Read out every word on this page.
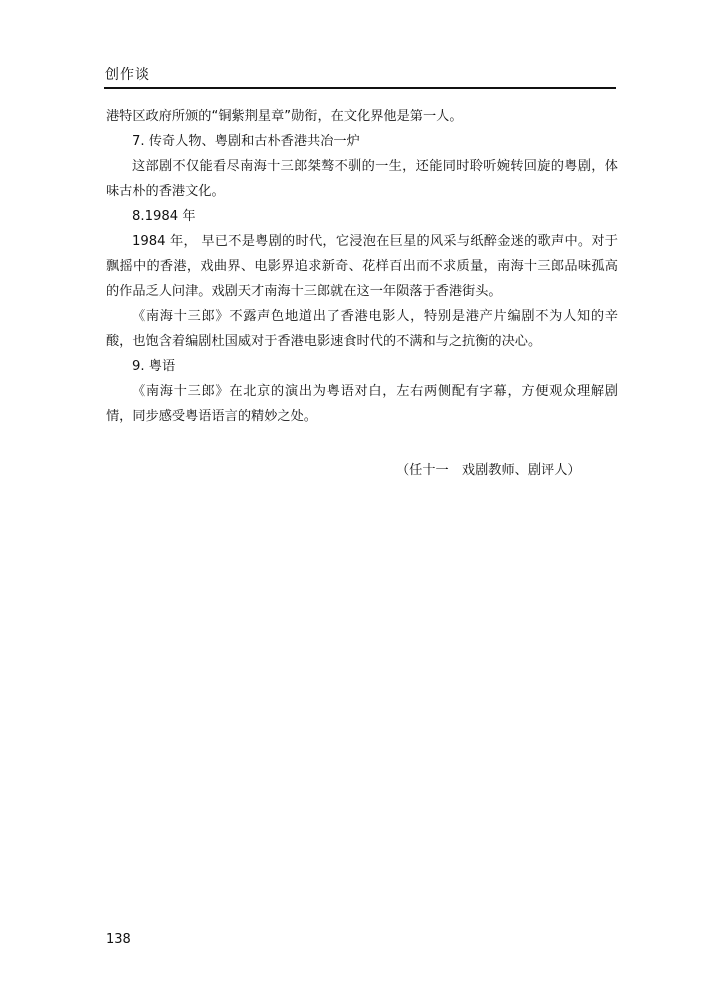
创作谈

港特区政府所颁的“铜紫荆星章”勋衔，在文化界他是第一人。

7. 传奇人物、粤剧和古朴香港共冶一炉

这部剧不仅能看尽南海十三郎桀骜不驯的一生，还能同时聆听婉转回旋的粤剧，体味古朴的香港文化。

8.1984 年

1984 年， 早已不是粤剧的时代，它浸泡在巨星的风采与纸醉金迷的歌声中。对于飘摇中的香港，戏曲界、电影界追求新奇、花样百出而不求质量，南海十三郎品味孤高的作品乏人问津。戏剧天才南海十三郎就在这一年陨落于香港街头。

《南海十三郎》不露声色地道出了香港电影人，特别是港产片编剧不为人知的辛酸，也饱含着编剧杜国威对于香港电影速食时代的不满和与之抗衡的决心。

9. 粤语

《南海十三郎》在北京的演出为粤语对白，左右两侧配有字幕，方便观众理解剧情，同步感受粤语语言的精妙之处。

（任十一　戏剧教师、剧评人）
138
